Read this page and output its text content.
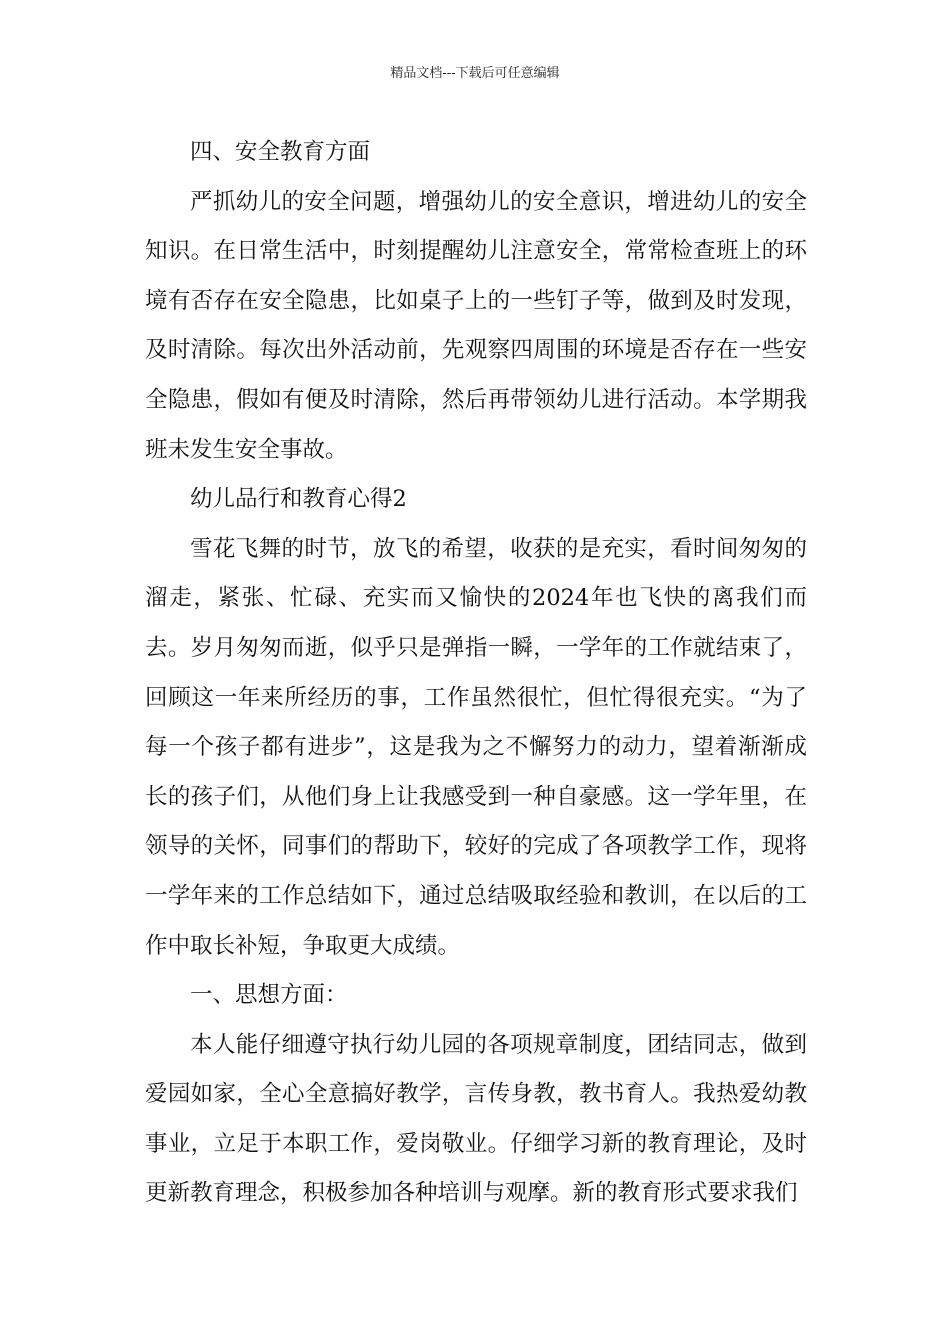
精品文档---下载后可任意编辑

四、安全教育方面

严抓幼儿的安全问题，增强幼儿的安全意识，增进幼儿的安全知识。在日常生活中，时刻提醒幼儿注意安全，常常检查班上的环境有否存在安全隐患，比如桌子上的一些钉子等，做到及时发现，及时清除。每次出外活动前，先观察四周围的环境是否存在一些安全隐患，假如有便及时清除，然后再带领幼儿进行活动。本学期我班未发生安全事故。

幼儿品行和教育心得2

雪花飞舞的时节，放飞的希望，收获的是充实，看时间匆匆的溜走，紧张、忙碌、充实而又愉快的2024年也飞快的离我们而去。岁月匆匆而逝，似乎只是弹指一瞬，一学年的工作就结束了，回顾这一年来所经历的事，工作虽然很忙，但忙得很充实。“为了每一个孩子都有进步”，这是我为之不懈努力的动力，望着渐渐成长的孩子们，从他们身上让我感受到一种自豪感。这一学年里，在领导的关怀，同事们的帮助下，较好的完成了各项教学工作，现将一学年来的工作总结如下，通过总结吸取经验和教训，在以后的工作中取长补短，争取更大成绩。

一、思想方面：

本人能仔细遵守执行幼儿园的各项规章制度，团结同志，做到爱园如家，全心全意搞好教学，言传身教，教书育人。我热爱幼教事业，立足于本职工作，爱岗敬业。仔细学习新的教育理论，及时更新教育理念，积极参加各种培训与观摩。新的教育形式要求我们
